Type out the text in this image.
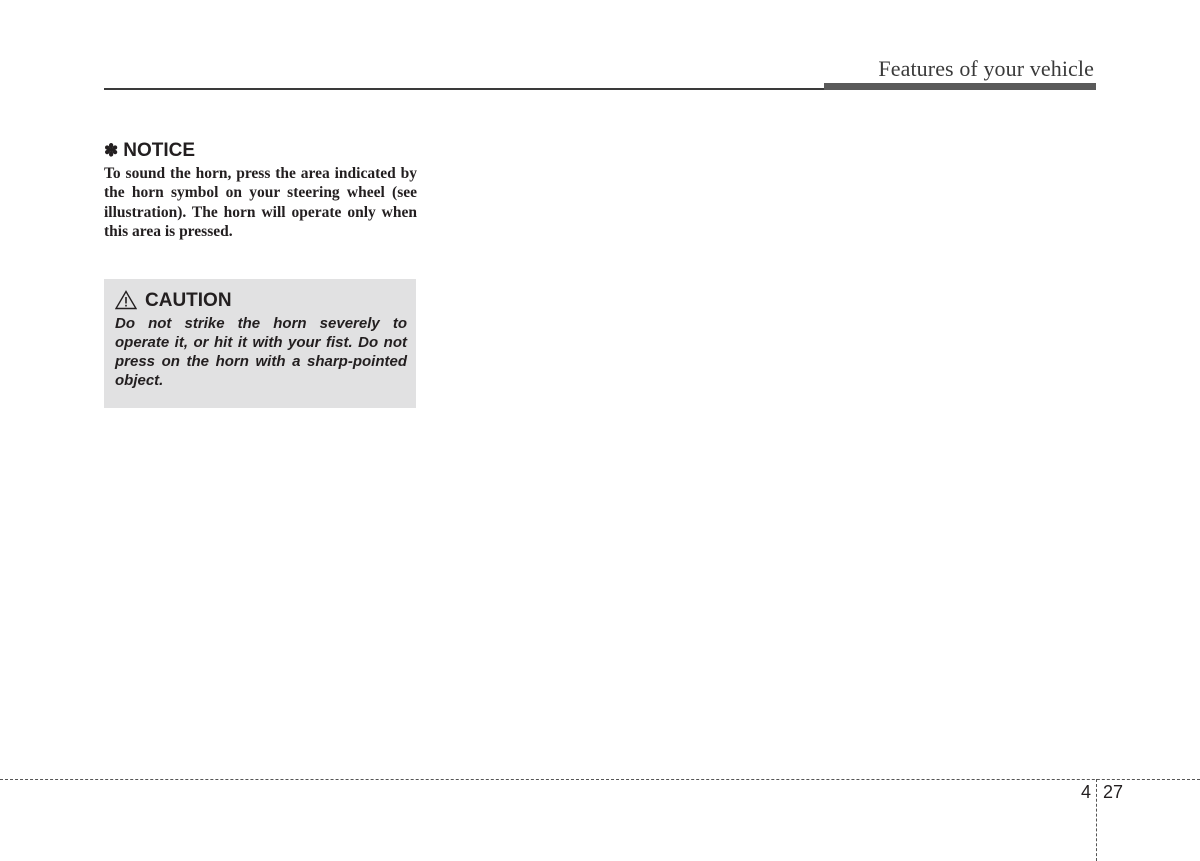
Features of your vehicle
✽ NOTICE
To sound the horn, press the area indicated by the horn symbol on your steering wheel (see illustration). The horn will operate only when this area is pressed.
CAUTION
Do not strike the horn severely to operate it, or hit it with your fist. Do not press on the horn with a sharp-pointed object.
4 27
